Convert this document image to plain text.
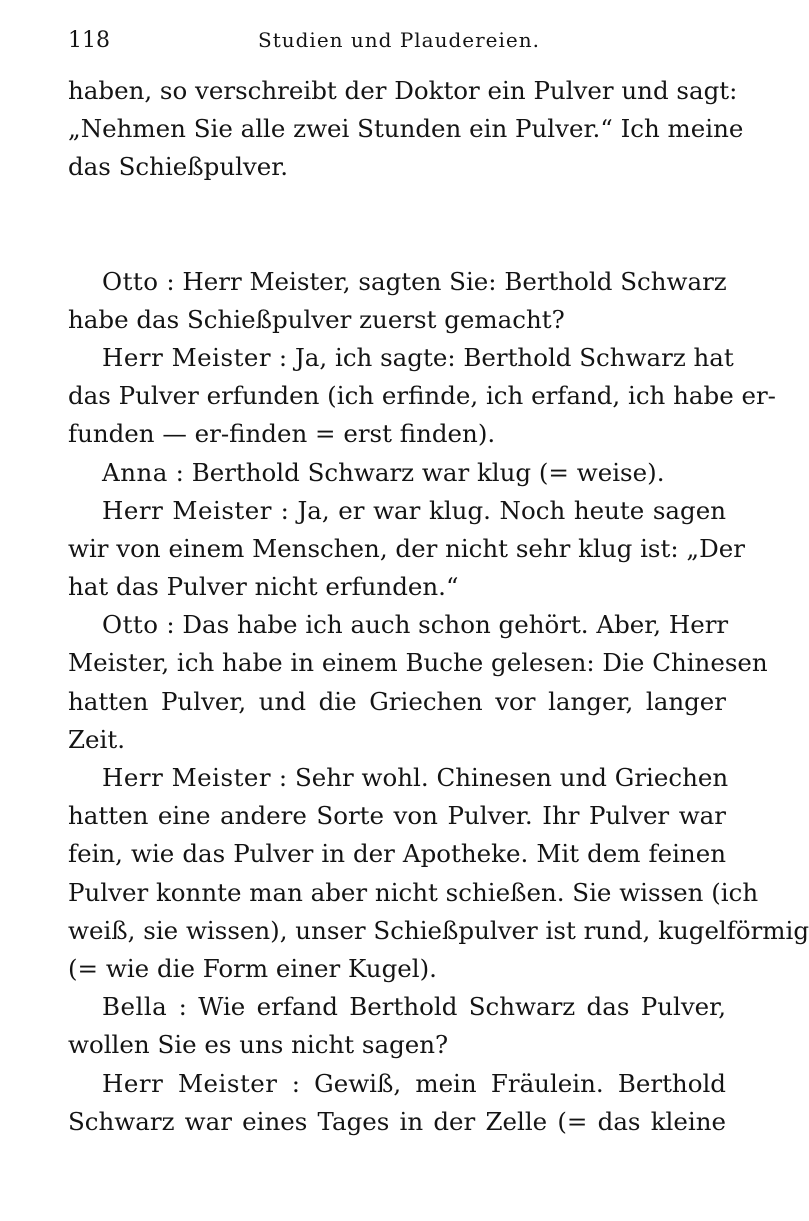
118	Studien und Plaudereien.
haben, so verschreibt der Doktor ein Pulver und sagt:
„Nehmen Sie alle zwei Stunden ein Pulver.“ Ich meine
das Schießpulver.
Otto : Herr Meister, sagten Sie: Berthold Schwarz
habe das Schießpulver zuerst gemacht?
Herr Meister : Ja, ich sagte: Berthold Schwarz hat
das Pulver erfunden (ich erfinde, ich erfand, ich habe er-
funden — er-finden = erst finden).
Anna : Berthold Schwarz war klug (= weise).
Herr Meister : Ja, er war klug. Noch heute sagen
wir von einem Menschen, der nicht sehr klug ist: „Der
hat das Pulver nicht erfunden.“
Otto : Das habe ich auch schon gehört. Aber, Herr
Meister, ich habe in einem Buche gelesen: Die Chinesen
hatten Pulver, und die Griechen vor langer, langer
Zeit.
Herr Meister : Sehr wohl. Chinesen und Griechen
hatten eine andere Sorte von Pulver. Ihr Pulver war
fein, wie das Pulver in der Apotheke. Mit dem feinen
Pulver konnte man aber nicht schießen. Sie wissen (ich
weiß, sie wissen), unser Schießpulver ist rund, kugelförmig
(= wie die Form einer Kugel).
Bella : Wie erfand Berthold Schwarz das Pulver,
wollen Sie es uns nicht sagen?
Herr Meister : Gewiß, mein Fräulein. Berthold
Schwarz war eines Tages in der Zelle (= das kleine
